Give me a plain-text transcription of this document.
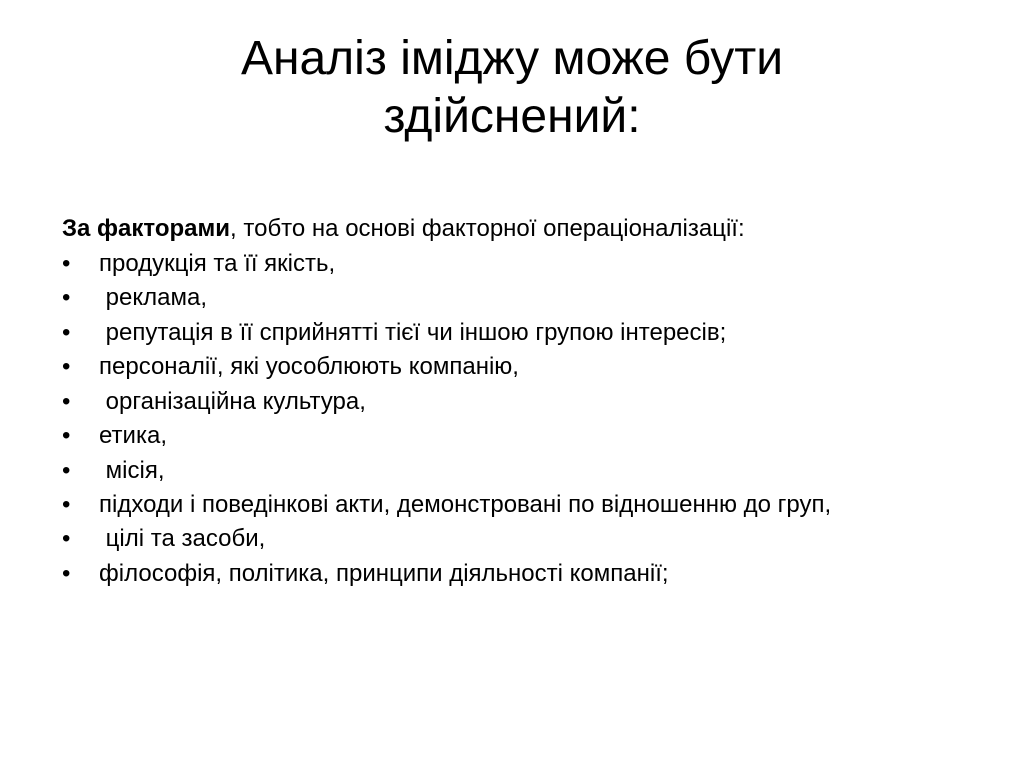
Аналіз іміджу може бути
здійснений:

За факторами, тобто на основі факторної операціоналізації:

• продукція та її якість,
• реклама,
• репутація в її сприйнятті тієї чи іншою групою інтересів;
• персоналії, які уособлюють компанію,
• організаційна культура,
• етика,
• місія,
• підходи і поведінкові акти, демонстровані по відношенню до груп,
• цілі та засоби,
• філософія, політика, принципи діяльності компанії;
